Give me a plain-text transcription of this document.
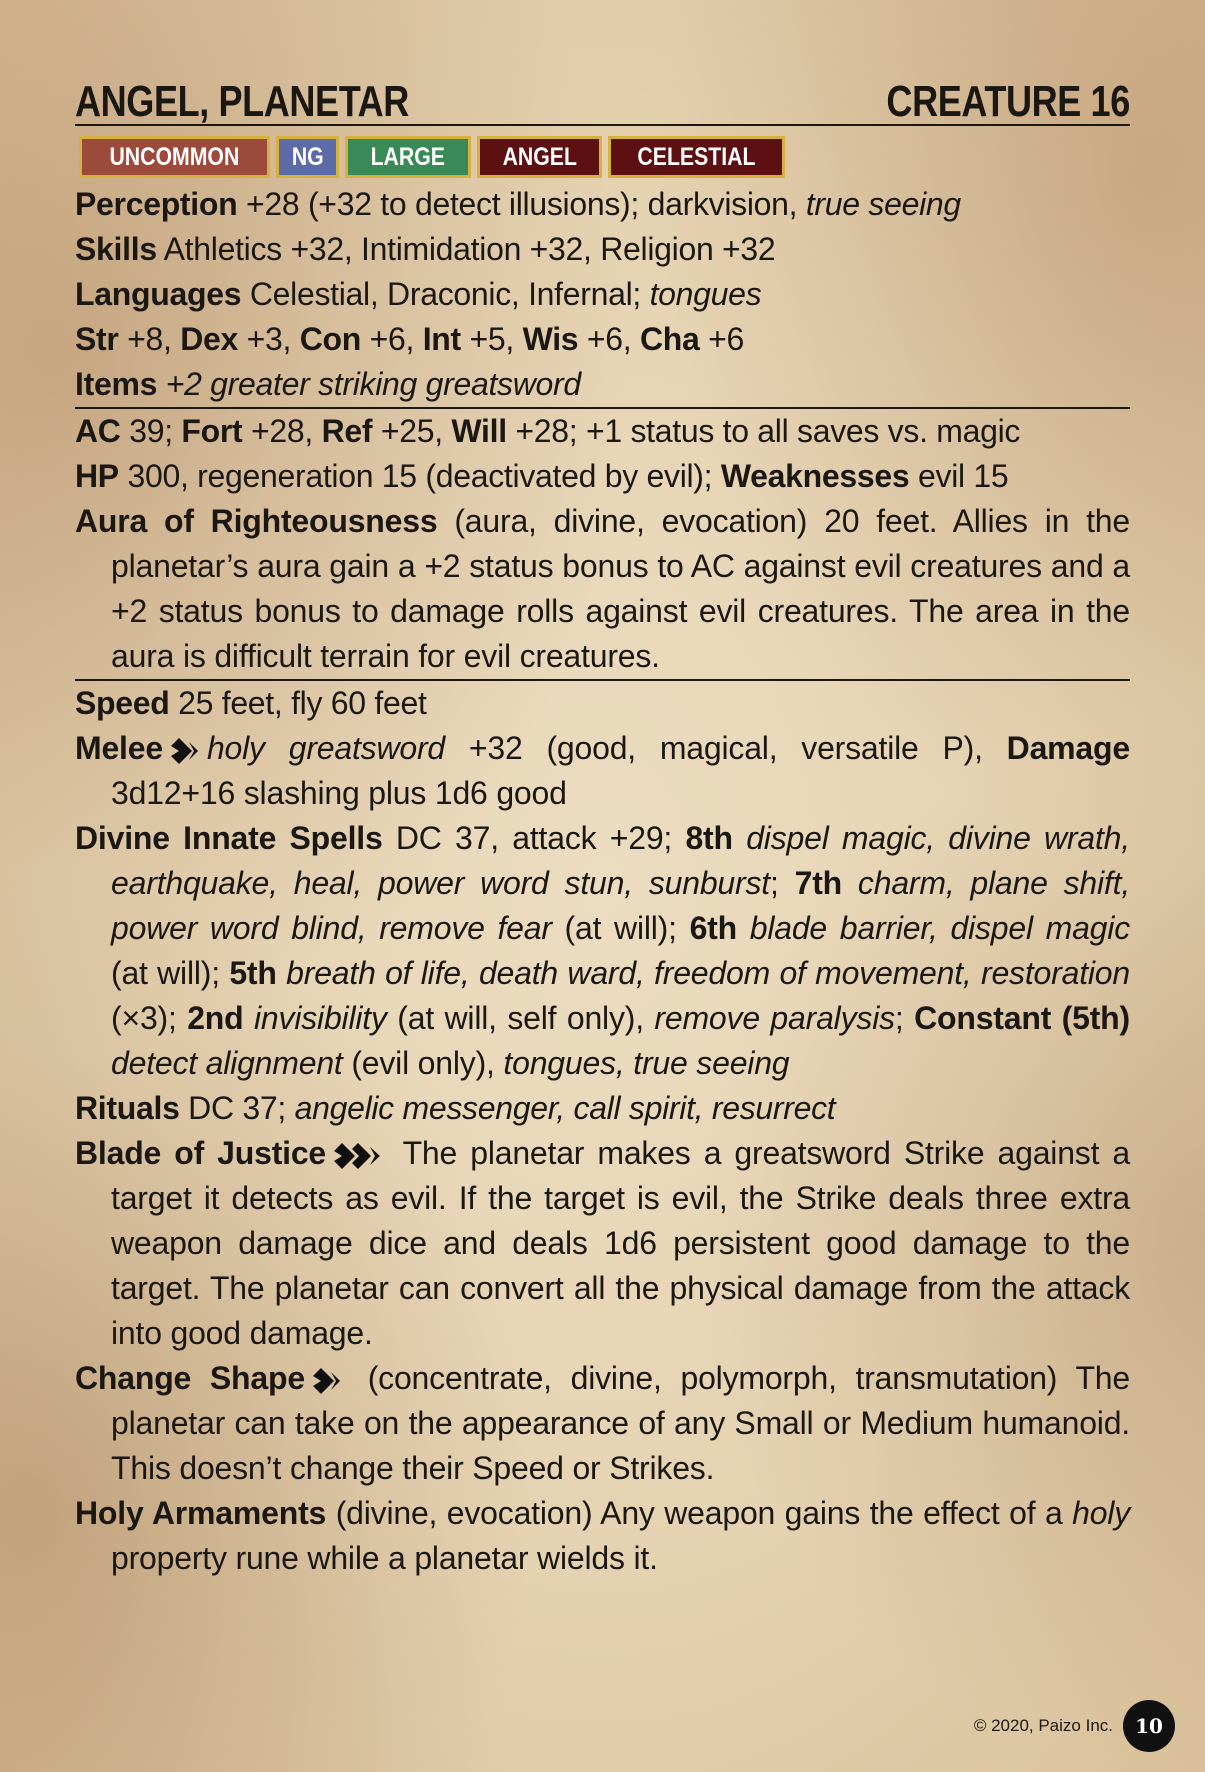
ANGEL, PLANETAR	CREATURE 16
UNCOMMON NG LARGE ANGEL CELESTIAL
Perception +28 (+32 to detect illusions); darkvision, true seeing
Skills Athletics +32, Intimidation +32, Religion +32
Languages Celestial, Draconic, Infernal; tongues
Str +8, Dex +3, Con +6, Int +5, Wis +6, Cha +6
Items +2 greater striking greatsword
AC 39; Fort +28, Ref +25, Will +28; +1 status to all saves vs. magic
HP 300, regeneration 15 (deactivated by evil); Weaknesses evil 15
Aura of Righteousness (aura, divine, evocation) 20 feet. Allies in the planetar’s aura gain a +2 status bonus to AC against evil creatures and a +2 status bonus to damage rolls against evil creatures. The area in the aura is difficult terrain for evil creatures.
Speed 25 feet, fly 60 feet
Melee holy greatsword +32 (good, magical, versatile P), Damage 3d12+16 slashing plus 1d6 good
Divine Innate Spells DC 37, attack +29; 8th dispel magic, divine wrath, earthquake, heal, power word stun, sunburst; 7th charm, plane shift, power word blind, remove fear (at will); 6th blade barrier, dispel magic (at will); 5th breath of life, death ward, freedom of movement, restoration (×3); 2nd invisibility (at will, self only), remove paralysis; Constant (5th) detect alignment (evil only), tongues, true seeing
Rituals DC 37; angelic messenger, call spirit, resurrect
Blade of Justice The planetar makes a greatsword Strike against a target it detects as evil. If the target is evil, the Strike deals three extra weapon damage dice and deals 1d6 persistent good damage to the target. The planetar can convert all the physical damage from the attack into good damage.
Change Shape (concentrate, divine, polymorph, transmutation) The planetar can take on the appearance of any Small or Medium humanoid. This doesn’t change their Speed or Strikes.
Holy Armaments (divine, evocation) Any weapon gains the effect of a holy property rune while a planetar wields it.
© 2020, Paizo Inc.	10
